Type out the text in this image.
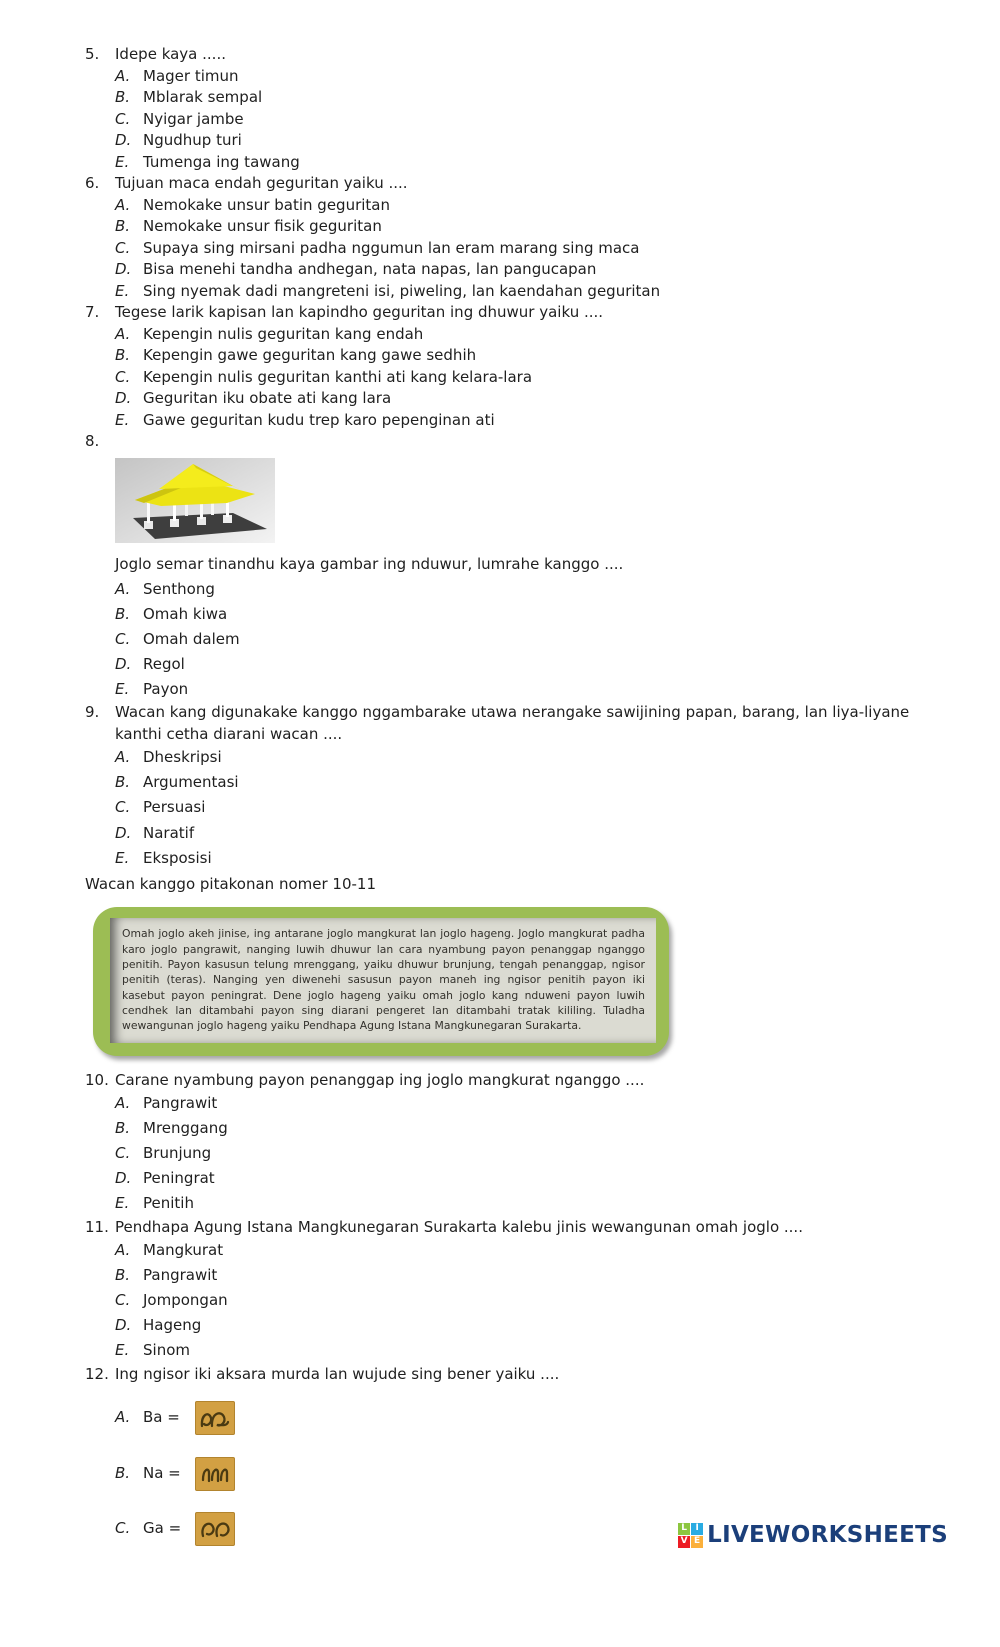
5.	Idepe kaya .....
A. Mager timun
B. Mblarak sempal
C. Nyigar jambe
D. Ngudhup turi
E. Tumenga ing tawang
6.	Tujuan maca endah geguritan yaiku ....
A. Nemokake unsur batin geguritan
B. Nemokake unsur fisik geguritan
C. Supaya sing mirsani padha nggumun lan eram marang sing maca
D. Bisa menehi tandha andhegan, nata napas, lan pangucapan
E. Sing nyemak dadi mangreteni isi, piweling, lan kaendahan geguritan
7.	Tegese larik kapisan lan kapindho geguritan ing dhuwur yaiku ....
A. Kepengin nulis geguritan kang endah
B. Kepengin gawe geguritan kang gawe sedhih
C. Kepengin nulis geguritan kanthi ati kang kelara-lara
D. Geguritan iku obate ati kang lara
E. Gawe geguritan kudu trep karo pepenginan ati
8.
Joglo semar tinandhu kaya gambar ing nduwur, lumrahe kanggo ....
A. Senthong
B. Omah kiwa
C. Omah dalem
D. Regol
E. Payon
9.	Wacan kang digunakake kanggo nggambarake utawa nerangake sawijining papan, barang, lan liya-liyane kanthi cetha diarani wacan ....
A. Dheskripsi
B. Argumentasi
C. Persuasi
D. Naratif
E. Eksposisi
Wacan kanggo pitakonan nomer 10-11

Omah joglo akeh jinise, ing antarane joglo mangkurat lan joglo hageng. Joglo mangkurat padha karo joglo pangrawit, nanging luwih dhuwur lan cara nyambung payon penanggap nganggo penitih. Payon kasusun telung mrenggang, yaiku dhuwur brunjung, tengah penanggap, ngisor penitih (teras). Nanging yen diwenehi sasusun payon maneh ing ngisor penitih payon iki kasebut payon peningrat. Dene joglo hageng yaiku omah joglo kang nduweni payon luwih cendhek lan ditambahi payon sing diarani pengeret lan ditambahi tratak kililing. Tuladha wewangunan joglo hageng yaiku Pendhapa Agung Istana Mangkunegaran Surakarta.

10. Carane nyambung payon penanggap ing joglo mangkurat nganggo ....
A. Pangrawit
B. Mrenggang
C. Brunjung
D. Peningrat
E. Penitih
11. Pendhapa Agung Istana Mangkunegaran Surakarta kalebu jinis wewangunan omah joglo ....
A. Mangkurat
B. Pangrawit
C. Jompongan
D. Hageng
E. Sinom
12. Ing ngisor iki aksara murda lan wujude sing bener yaiku ....
A. Ba =
B. Na =
C. Ga =	L I
V E LIVEWORKSHEETS
